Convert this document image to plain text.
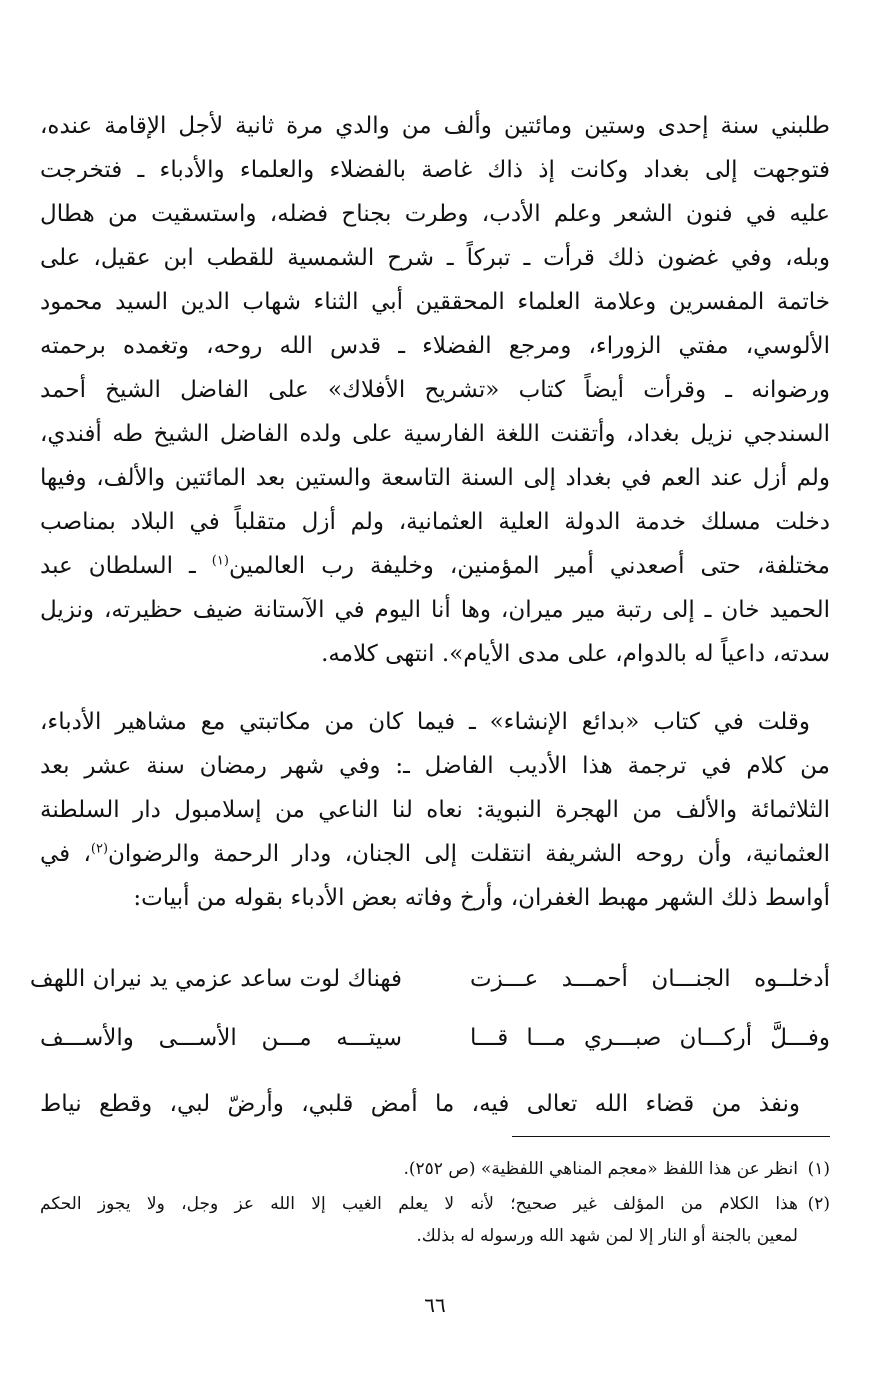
طلبني سنة إحدى وستين ومائتين وألف من والدي مرة ثانية لأجل الإقامة عنده،
فتوجهت إلى بغداد وكانت إذ ذاك غاصة بالفضلاء والعلماء والأدباء ـ فتخرجت
عليه في فنون الشعر وعلم الأدب، وطرت بجناح فضله، واستسقيت من هطال
وبله، وفي غضون ذلك قرأت ـ تبركاً ـ شرح الشمسية للقطب ابن عقيل، على
خاتمة المفسرين وعلامة العلماء المحققين أبي الثناء شهاب الدين السيد محمود
الألوسي، مفتي الزوراء، ومرجع الفضلاء ـ قدس الله روحه، وتغمده برحمته
ورضوانه ـ وقرأت أيضاً كتاب «تشريح الأفلاك» على الفاضل الشيخ أحمد
السندجي نزيل بغداد، وأتقنت اللغة الفارسية على ولده الفاضل الشيخ طه أفندي،
ولم أزل عند العم في بغداد إلى السنة التاسعة والستين بعد المائتين والألف، وفيها
دخلت مسلك خدمة الدولة العلية العثمانية، ولم أزل متقلباً في البلاد بمناصب
مختلفة، حتى أصعدني أمير المؤمنين، وخليفة رب العالمين$^{(١)}$ ـ السلطان عبد
الحميد خان ـ إلى رتبة مير ميران، وها أنا اليوم في الآستانة ضيف حظيرته، ونزيل
سدته، داعياً له بالدوام، على مدى الأيام». انتهى كلامه.
وقلت في كتاب «بدائع الإنشاء» ـ فيما كان من مكاتبتي مع مشاهير الأدباء،
من كلام في ترجمة هذا الأديب الفاضل ـ: وفي شهر رمضان سنة عشر بعد
الثلاثمائة والألف من الهجرة النبوية: نعاه لنا الناعي من إسلامبول دار السلطنة
العثمانية، وأن روحه الشريفة انتقلت إلى الجنان، ودار الرحمة والرضوان$^{(٢)}$، في
أواسط ذلك الشهر مهبط الغفران، وأرخ وفاته بعض الأدباء بقوله من أبيات:
أدخلــوه الجنـــان أحمـــد عـــزت
فهناك لوت ساعد عزمي يد نيران اللهف
وفـــلَّ أركـــان صبـــري مـــا قـــا
سيتـــه مـــن الأســـى والأســـف
ونفذ من قضاء الله تعالى فيه، ما أمض قلبي، وأرضّ لبي، وقطع نياط
(١)انظر عن هذا اللفظ «معجم المناهي اللفظية» (ص ٢٥٢).
(٢)هذا الكلام من المؤلف غير صحيح؛ لأنه لا يعلم الغيب إلا الله عز وجل، ولا يجوز الحكم
لمعين بالجنة أو النار إلا لمن شهد الله ورسوله له بذلك.
٦٦
